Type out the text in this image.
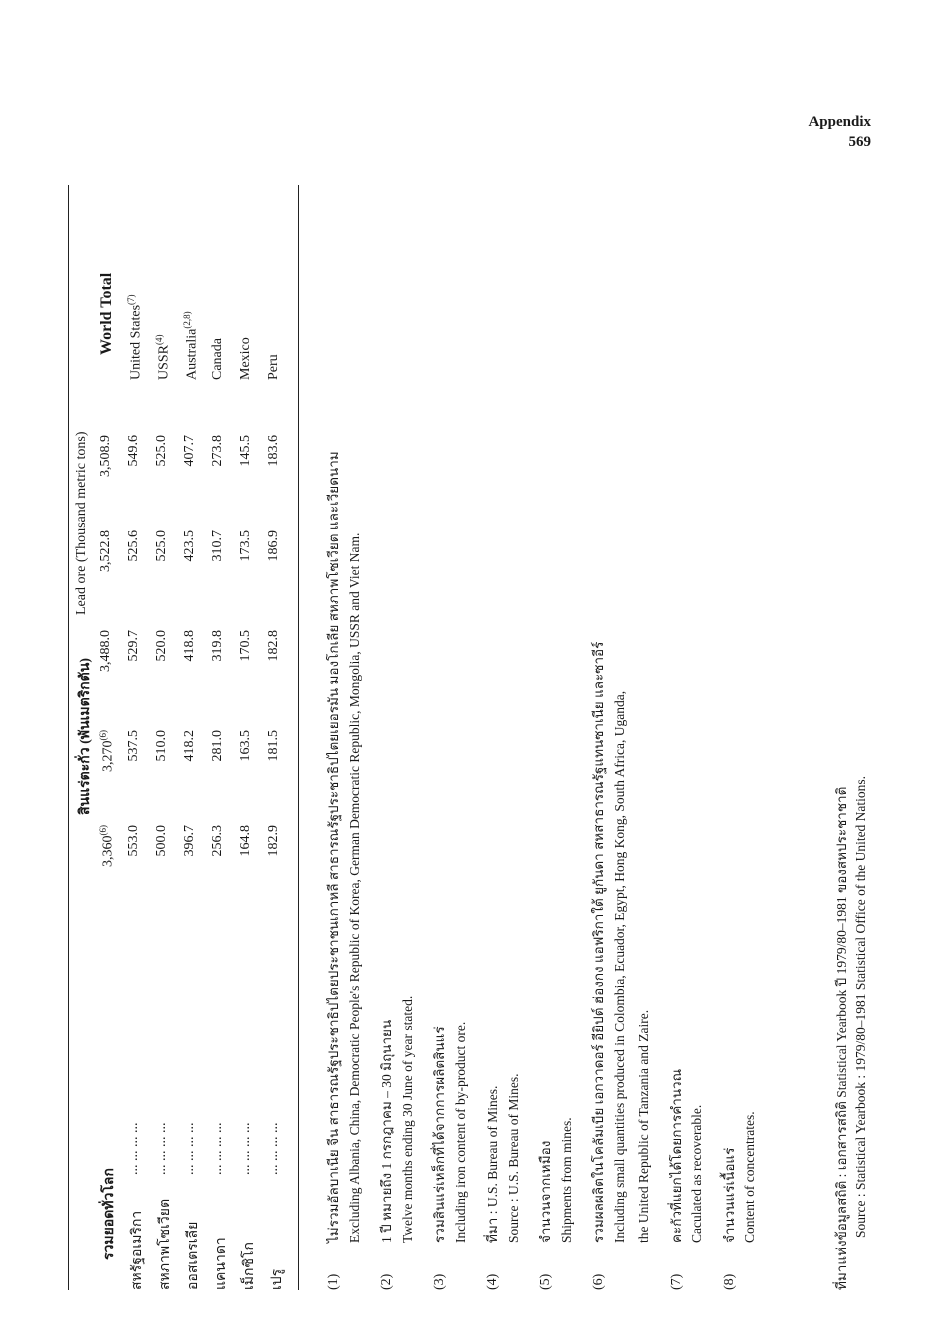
Appendix
569
สินแร่ตะกั่ว (พันเมตริกตัน)
Lead ore (Thousand metric tons)
ที่มาแห่งข้อมูลสถิติ : เอกสารสถิติ Statistical Yearbook ปี 1979/80–1981 ของสหประชาชาติ Source : Statistical Yearbook : 1979/80–1981 Statistical Office of the United Nations.
รวมยอดทั่วโลก
3,360$^{(6)}$
3,270$^{(6)}$
3,488.0
3,522.8
3,508.9
World Total
สหรัฐอเมริกา
... ... ... ...
553.0
537.5
529.7
525.6
549.6
United States$^{(7)}$
สหภาพโซเวียต
... ... ... ...
500.0
510.0
520.0
525.0
525.0
USSR$^{(4)}$
ออสเตรเลีย
... ... ... ...
396.7
418.2
418.8
423.5
407.7
Australia$^{(2,8)}$
แคนาดา
... ... ... ...
256.3
281.0
319.8
310.7
273.8
Canada
เม็กซิโก
... ... ... ...
164.8
163.5
170.5
173.5
145.5
Mexico
เปรู
... ... ... ...
182.9
181.5
182.8
186.9
183.6
Peru
(1)
ไม่รวมอัลบาเนีย จีน สาธารณรัฐประชาธิปไตยประชาชนเกาหลี สาธารณรัฐประชาธิปไตยเยอรมัน มองโกเลีย สหภาพโซเวียต และเวียดนาม Excluding Albania, China, Democratic People's Republic of Korea, German Democratic Republic, Mongolia, USSR and Viet Nam.
(2)
1 ปี หมายถึง 1 กรกฎาคม – 30 มิถุนายน Twelve months ending 30 June of year stated.
(3)
รวมสินแร่เหล็กที่ได้จากการผลิตสินแร่ Including iron content of by-product ore.
(4)
ที่มา : U.S. Bureau of Mines. Source : U.S. Bureau of Mines.
(5)
จำนวนจากเหมือง Shipments from mines.
(6)
รวมผลผลิตในโคลัมเบีย เอกวาดอร์ อียิปต์ ฮ่องกง แอฟริกาใต้ ยูกันดา สหสาธารณรัฐแทนซาเนีย และซาอีร์ Including small quantities produced in Colombia, Ecuador, Egypt, Hong Kong, South Africa, Uganda, the United Republic of Tanzania and Zaire.
(7)
คะกัวที่แยกได้โดยการคำนวณ Caculated as recoverable.
(8)
จำนวนแร่เนื้อแร่ Content of concentrates.
